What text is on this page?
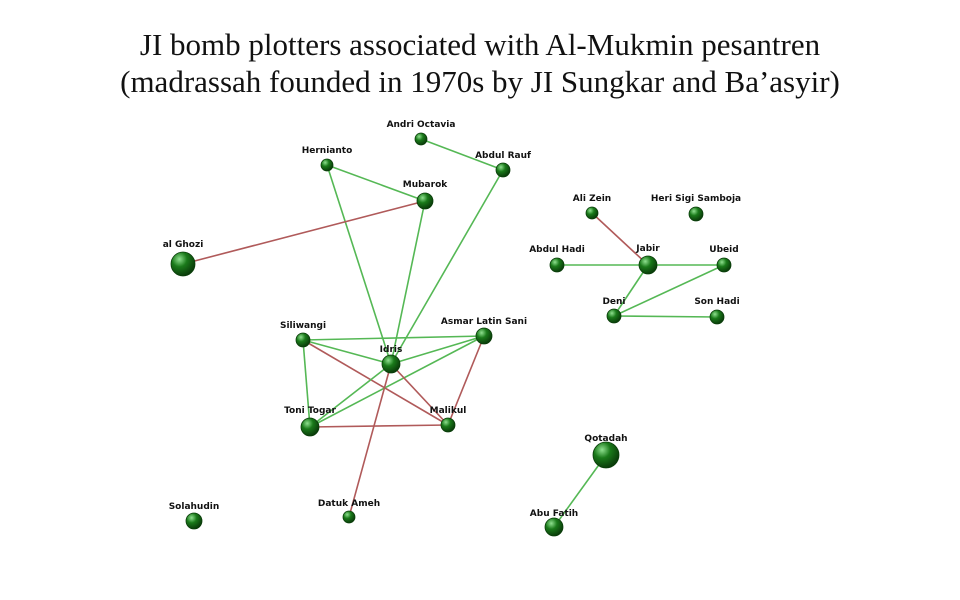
JI bomb plotters associated with Al-Mukmin pesantren
(madrassah founded in 1970s by JI Sungkar and Ba’asyir)
Andri Octavia
Hernianto	Abdul Rauf
Mubarok
al Ghozi
Ali Zein	Heri Sigi Samboja
Abdul Hadi	Jabir	Ubeid
Deni	Son Hadi
Siliwangi	Asmar Latin Sani
Idris
Toni Togar	Malikul
Qotadah
Solahudin	Datuk Ameh
Abu Fatih
